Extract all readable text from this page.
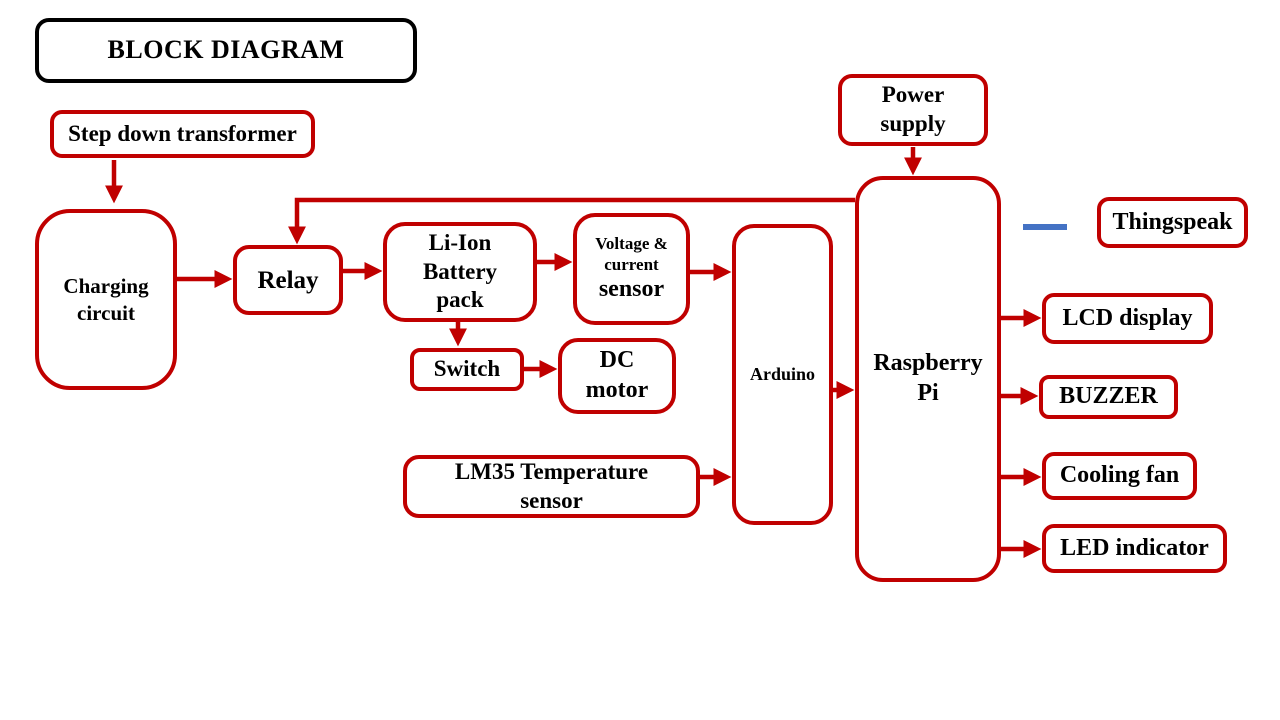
BLOCK DIAGRAM
Step down transformer
Charging
circuit
Relay
Li-Ion
Battery
pack
Voltage &
current
sensor
Switch	DC
motor
LM35 Temperature
sensor
Arduino Raspberry
Pi
Power
supply
Thingspeak
LCD display
BUZZER
Cooling fan
LED indicator
